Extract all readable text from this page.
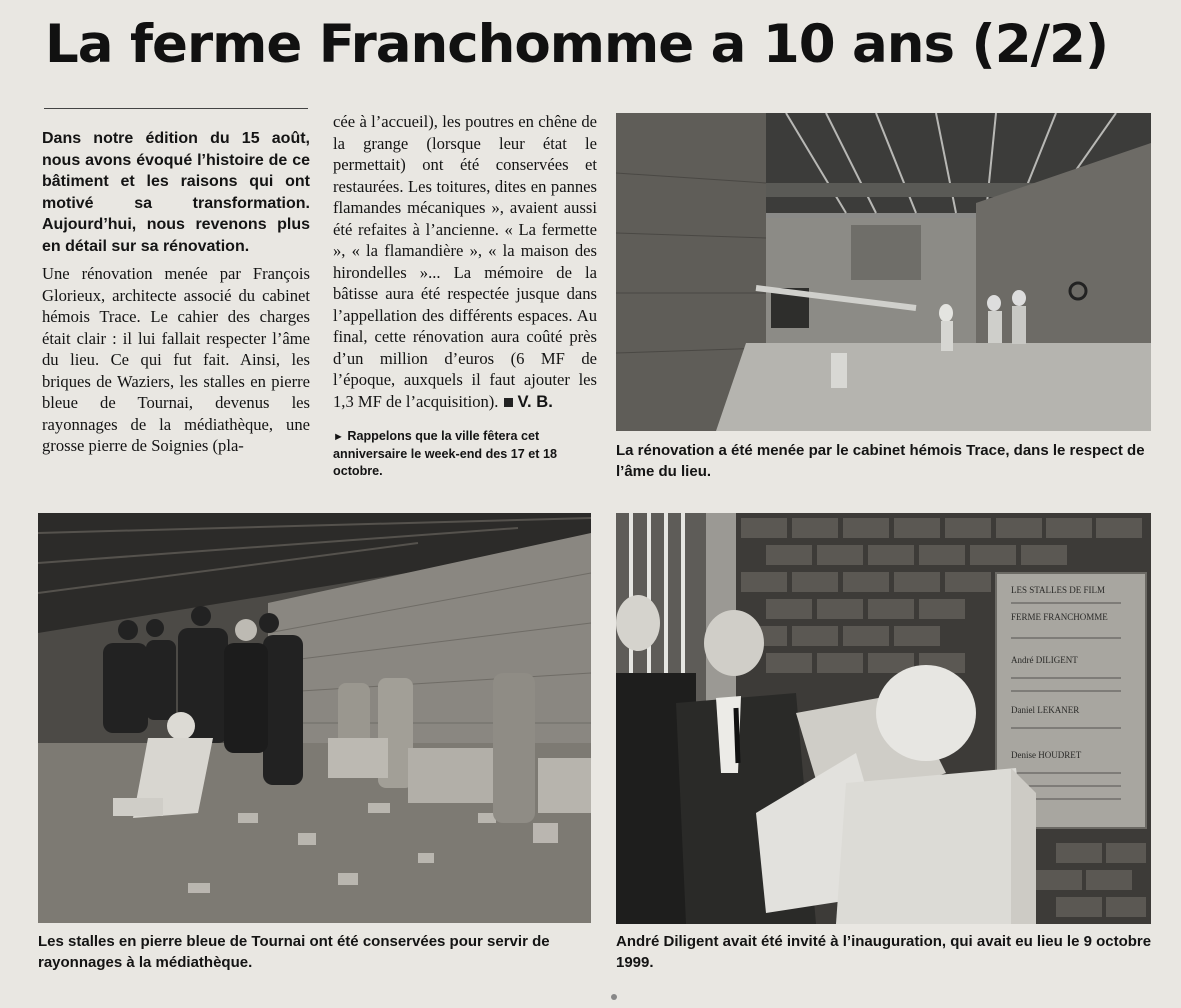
La ferme Franchomme a 10 ans (2/2)

Dans notre édition du 15 août, nous avons évoqué l’histoire de ce bâtiment et les raisons qui ont motivé sa transformation. Aujourd’hui, nous revenons plus en détail sur sa rénovation.

Une rénovation menée par François Glorieux, architecte associé du cabinet hémois Trace. Le cahier des charges était clair : il lui fallait respecter l’âme du lieu. Ce qui fut fait. Ainsi, les briques de Waziers, les stalles en pierre bleue de Tournai, devenus les rayonnages de la médiathèque, une grosse pierre de Soignies (pla-

cée à l’accueil), les poutres en chêne de la grange (lorsque leur état le permettait) ont été conservées et restaurées. Les toitures, dites en pannes flamandes mécaniques », avaient aussi été refaites à l’ancienne. « La fermette », « la flamandière », « la maison des hirondelles »... La mémoire de la bâtisse aura été respectée jusque dans l’appellation des différents espaces. Au final, cette rénovation aura coûté près d’un million d’euros (6 MF de l’époque, auxquels il faut ajouter les 1,3 MF de l’acquisition). V. B.

► Rappelons que la ville fêtera cet anniversaire le week-end des 17 et 18 octobre.
La rénovation a été menée par le cabinet hémois Trace, dans le respect de l’âme du lieu.
Les stalles en pierre bleue de Tournai ont été conservées pour servir de rayonnages à la médiathèque.
LES STALLES DE FILM
FERME FRANCHOMME
André DILIGENT
Daniel LEKANER
Denise HOUDRET
André Diligent avait été invité à l’inauguration, qui avait eu lieu le 9 octobre 1999.
